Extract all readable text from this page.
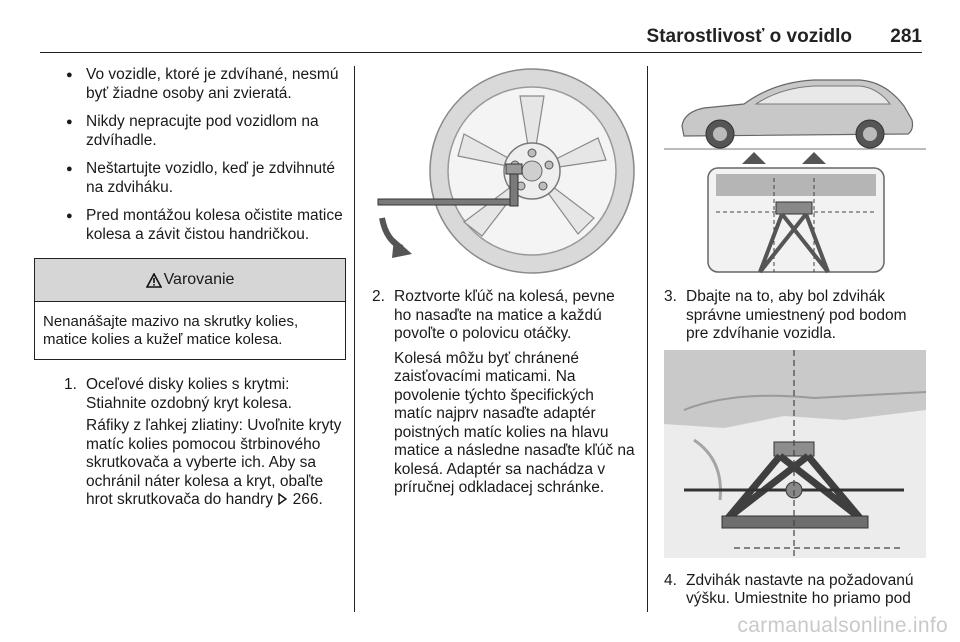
Starostlivosť o vozidlo 281
● Vo vozidle, ktoré je zdvíhané, nesmú byť žiadne osoby ani zvieratá.
● Nikdy nepracujte pod vozidlom na zdvíhadle.
● Neštartujte vozidlo, keď je zdvihnuté na zdviháku.
● Pred montážou kolesa očistite matice kolesa a závit čistou handričkou.
Varovanie
Nenanášajte mazivo na skrutky kolies, matice kolies a kužeľ matice kolesa.
1. Oceľové disky kolies s krytmi: Stiahnite ozdobný kryt kolesa.
Ráfiky z ľahkej zliatiny: Uvoľnite kryty matíc kolies pomocou štrbinového skrutkovača a vyberte ich. Aby sa ochránil náter kolesa a kryt, obaľte hrot skrutkovača do handry 266.
2. Roztvorte kľúč na kolesá, pevne ho nasaďte na matice a každú povoľte o polovicu otáčky.
Kolesá môžu byť chránené zaisťovacími maticami. Na povolenie týchto špecifických matíc najprv nasaďte adaptér poistných matíc kolies na hlavu matice a následne nasaďte kľúč na kolesá. Adaptér sa nachádza v príručnej odkladacej schránke.
3. Dbajte na to, aby bol zdvihák správne umiestnený pod bodom pre zdvíhanie vozidla.
4. Zdvihák nastavte na požadovanú výšku. Umiestnite ho priamo pod
carmanualsonline.info
